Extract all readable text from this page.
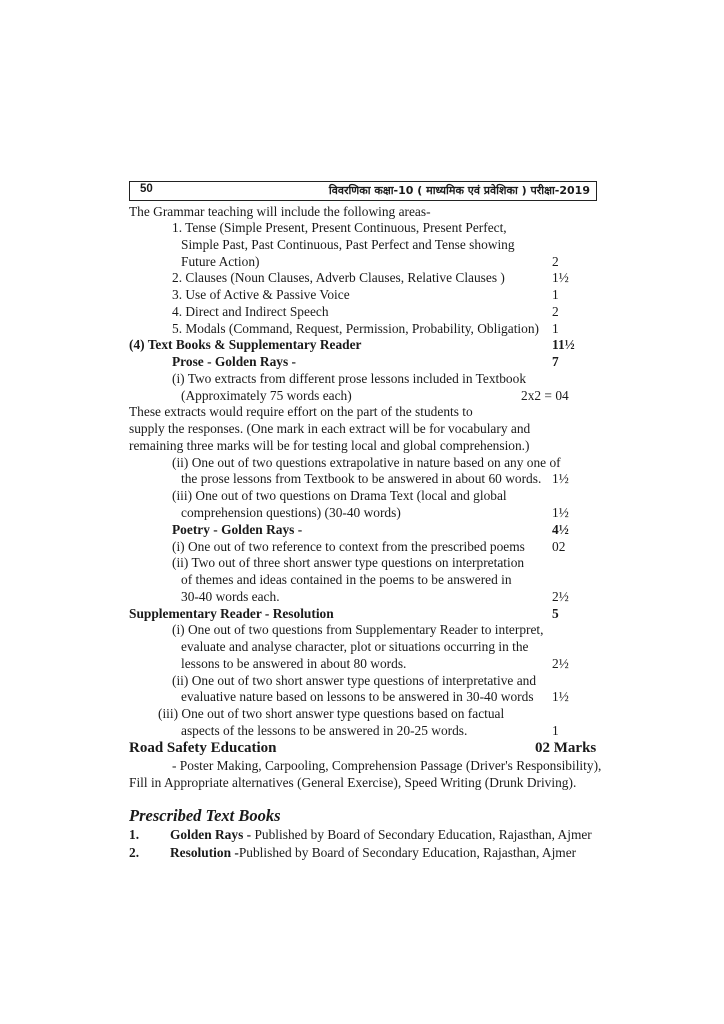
50	विवरणिका कक्षा-10 ( माध्यमिक एवं प्रवेशिका ) परीक्षा-2019
The Grammar teaching will include the following areas-
1. Tense (Simple Present, Present Continuous, Present Perfect,
Simple Past, Past Continuous, Past Perfect and Tense showing
Future Action)	2
2. Clauses (Noun Clauses, Adverb Clauses, Relative Clauses )	1½
3. Use of Active & Passive Voice	1
4. Direct and Indirect Speech	2
5. Modals (Command, Request, Permission, Probability, Obligation) 1
(4) Text Books & Supplementary Reader	11½
Prose - Golden Rays -	7
(i) Two extracts from different prose lessons included in Textbook
(Approximately 75 words each)	2x2 = 04
These extracts would require effort on the part of the students to
supply the responses. (One mark in each extract will be for vocabulary and
remaining three marks will be for testing local and global comprehension.)
(ii) One out of two questions extrapolative in nature based on any one of
the prose lessons from Textbook to be answered in about 60 words. 1½
(iii) One out of two questions on Drama Text (local and global
comprehension questions) (30-40 words)	1½
Poetry - Golden Rays -	4½
(i) One out of two reference to context from the prescribed poems 02
(ii) Two out of three short answer type questions on interpretation
of themes and ideas contained in the poems to be answered in
30-40 words each.	2½
Supplementary Reader - Resolution	5
(i) One out of two questions from Supplementary Reader to interpret,
evaluate and analyse character, plot or situations occurring in the
lessons to be answered in about 80 words.	2½
(ii) One out of two short answer type questions of interpretative and
evaluative nature based on lessons to be answered in 30-40 words 1½
(iii) One out of two short answer type questions based on factual
aspects of the lessons to be answered in 20-25 words.	1
Road Safety Education	02 Marks
- Poster Making, Carpooling, Comprehension Passage (Driver's Responsibility),
Fill in Appropriate alternatives (General Exercise), Speed Writing (Drunk Driving).
Prescribed Text Books
1. Golden Rays - Published by Board of Secondary Education, Rajasthan, Ajmer
2. Resolution -Published by Board of Secondary Education, Rajasthan, Ajmer
